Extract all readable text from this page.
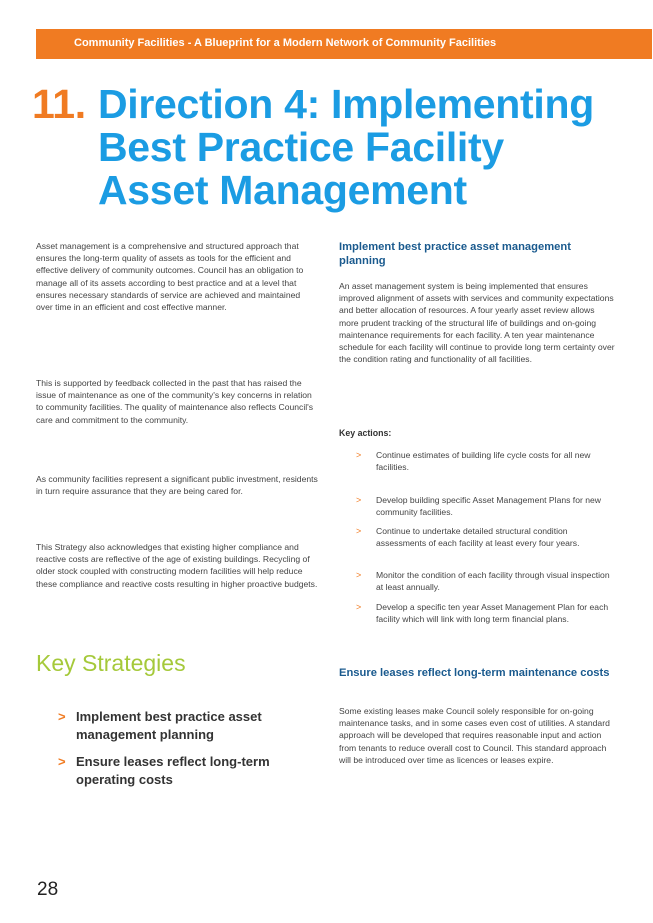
Community Facilities - A Blueprint for a Modern Network of Community Facilities
11. Direction 4: Implementing
Best Practice Facility
Asset Management

Asset management is a comprehensive and structured approach that ensures the long-term quality of assets as tools for the efficient and effective delivery of community outcomes. Council has an obligation to manage all of its assets according to best practice and at a level that ensures necessary standards of service are achieved and maintained over time in an efficient and cost effective manner.

This is supported by feedback collected in the past that has raised the issue of maintenance as one of the community's key concerns in relation to community facilities. The quality of maintenance also reflects Council's care and commitment to the community.

As community facilities represent a significant public investment, residents in turn require assurance that they are being cared for.

This Strategy also acknowledges that existing higher compliance and reactive costs are reflective of the age of existing buildings. Recycling of older stock coupled with constructing modern facilities will help reduce these compliance and reactive costs resulting in higher proactive budgets.

Key Strategies
> Implement best practice asset management planning
> Ensure leases reflect long-term operating costs
Implement best practice asset management planning

An asset management system is being implemented that ensures improved alignment of assets with services and community expectations and better allocation of resources. A four yearly asset review allows more prudent tracking of the structural life of buildings and on-going maintenance requirements for each facility. A ten year maintenance schedule for each facility will continue to provide long term certainty over the condition rating and functionality of all facilities.

Key actions:
> Continue estimates of building life cycle costs for all new facilities.
> Develop building specific Asset Management Plans for new community facilities.
> Continue to undertake detailed structural condition assessments of each facility at least every four years.
> Monitor the condition of each facility through visual inspection at least annually.
> Develop a specific ten year Asset Management Plan for each facility which will link with long term financial plans.
Ensure leases reflect long-term maintenance costs

Some existing leases make Council solely responsible for on-going maintenance tasks, and in some cases even cost of utilities. A standard approach will be developed that requires reasonable input and action from tenants to reduce overall cost to Council. This standard approach will be introduced over time as licences or leases expire.

28
